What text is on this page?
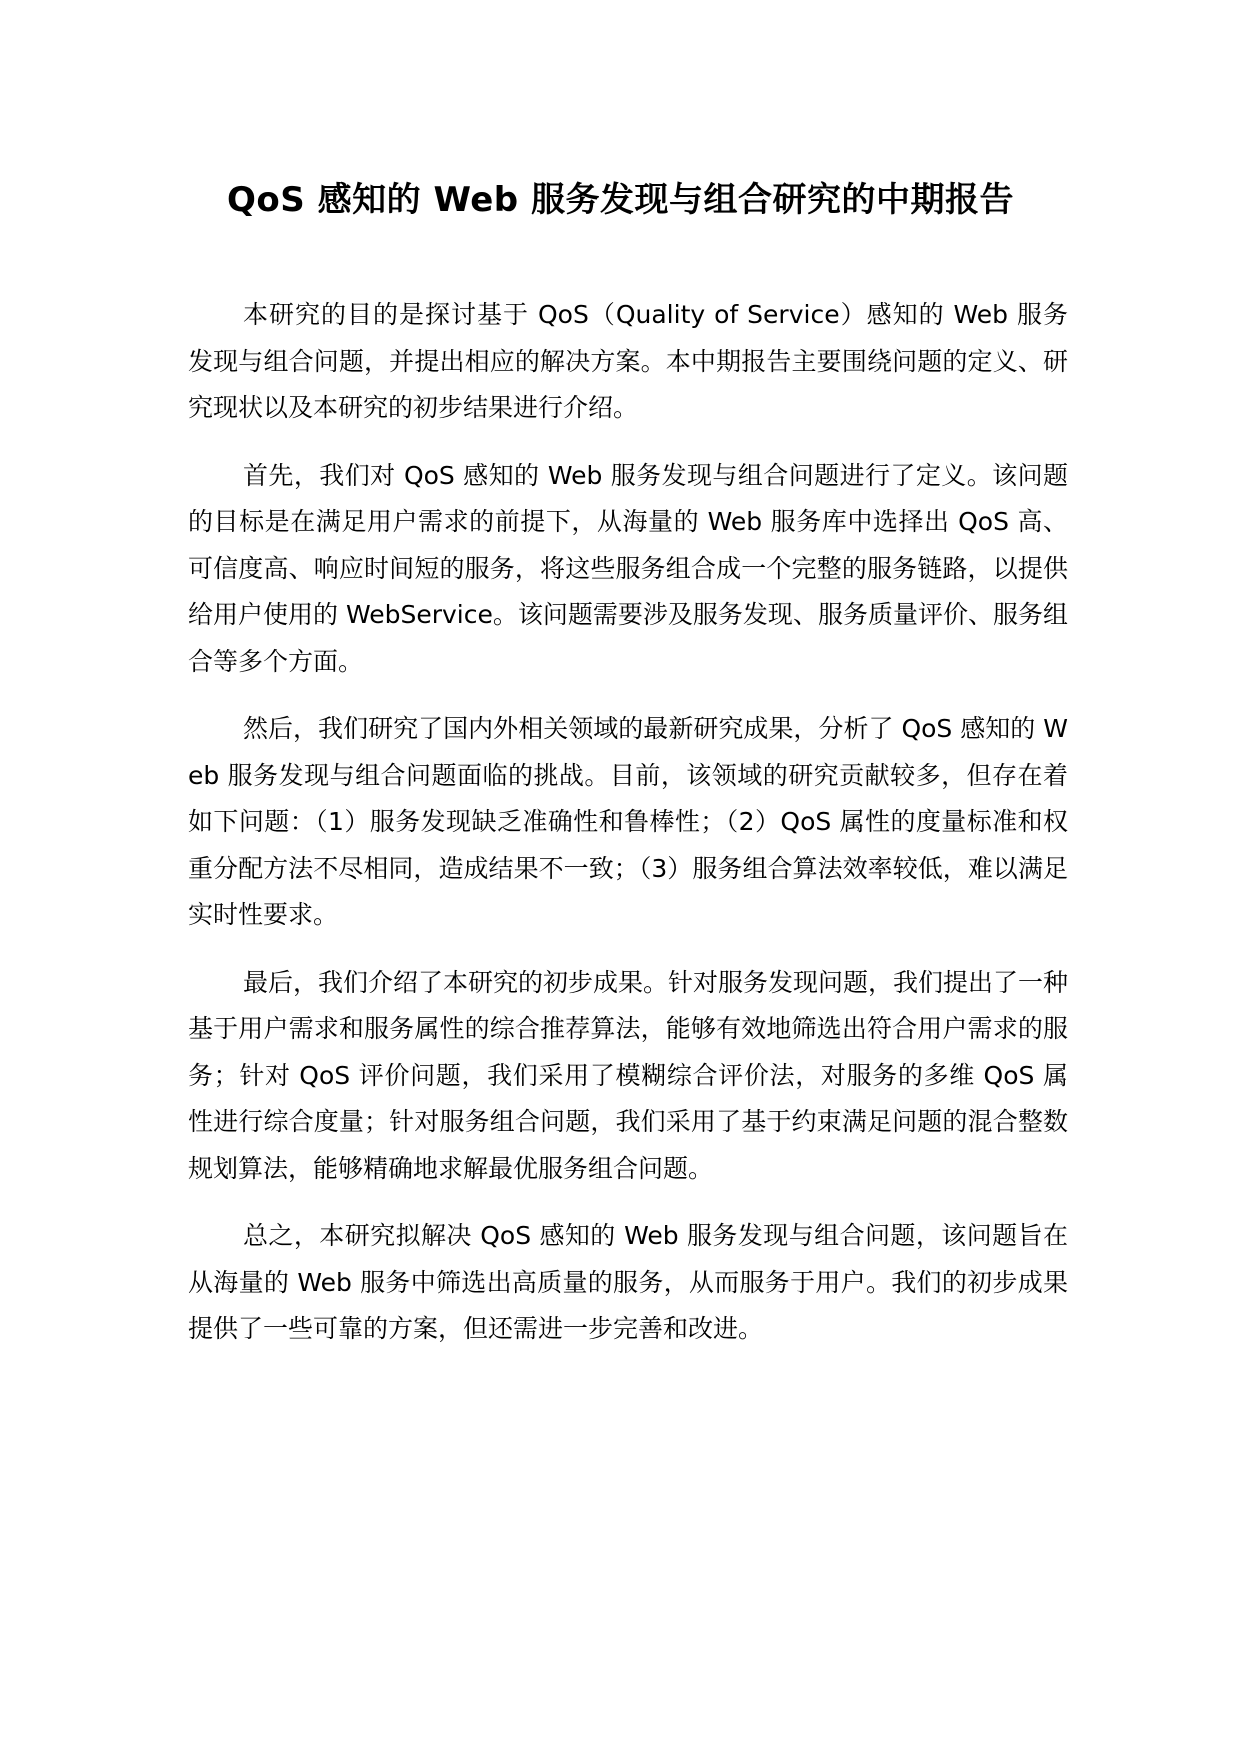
QoS 感知的 Web 服务发现与组合研究的中期报告

本研究的目的是探讨基于 QoS（Quality of Service）感知的 Web 服务发现与组合问题，并提出相应的解决方案。本中期报告主要围绕问题的定义、研究现状以及本研究的初步结果进行介绍。

首先，我们对 QoS 感知的 Web 服务发现与组合问题进行了定义。该问题的目标是在满足用户需求的前提下，从海量的 Web 服务库中选择出 QoS 高、可信度高、响应时间短的服务，将这些服务组合成一个完整的服务链路，以提供给用户使用的 WebService。该问题需要涉及服务发现、服务质量评价、服务组合等多个方面。

然后，我们研究了国内外相关领域的最新研究成果，分析了 QoS 感知的 Web 服务发现与组合问题面临的挑战。目前，该领域的研究贡献较多，但存在着如下问题：（1）服务发现缺乏准确性和鲁棒性；（2）QoS 属性的度量标准和权重分配方法不尽相同，造成结果不一致；（3）服务组合算法效率较低，难以满足实时性要求。

最后，我们介绍了本研究的初步成果。针对服务发现问题，我们提出了一种基于用户需求和服务属性的综合推荐算法，能够有效地筛选出符合用户需求的服务；针对 QoS 评价问题，我们采用了模糊综合评价法，对服务的多维 QoS 属性进行综合度量；针对服务组合问题，我们采用了基于约束满足问题的混合整数规划算法，能够精确地求解最优服务组合问题。

总之，本研究拟解决 QoS 感知的 Web 服务发现与组合问题，该问题旨在从海量的 Web 服务中筛选出高质量的服务，从而服务于用户。我们的初步成果提供了一些可靠的方案，但还需进一步完善和改进。
